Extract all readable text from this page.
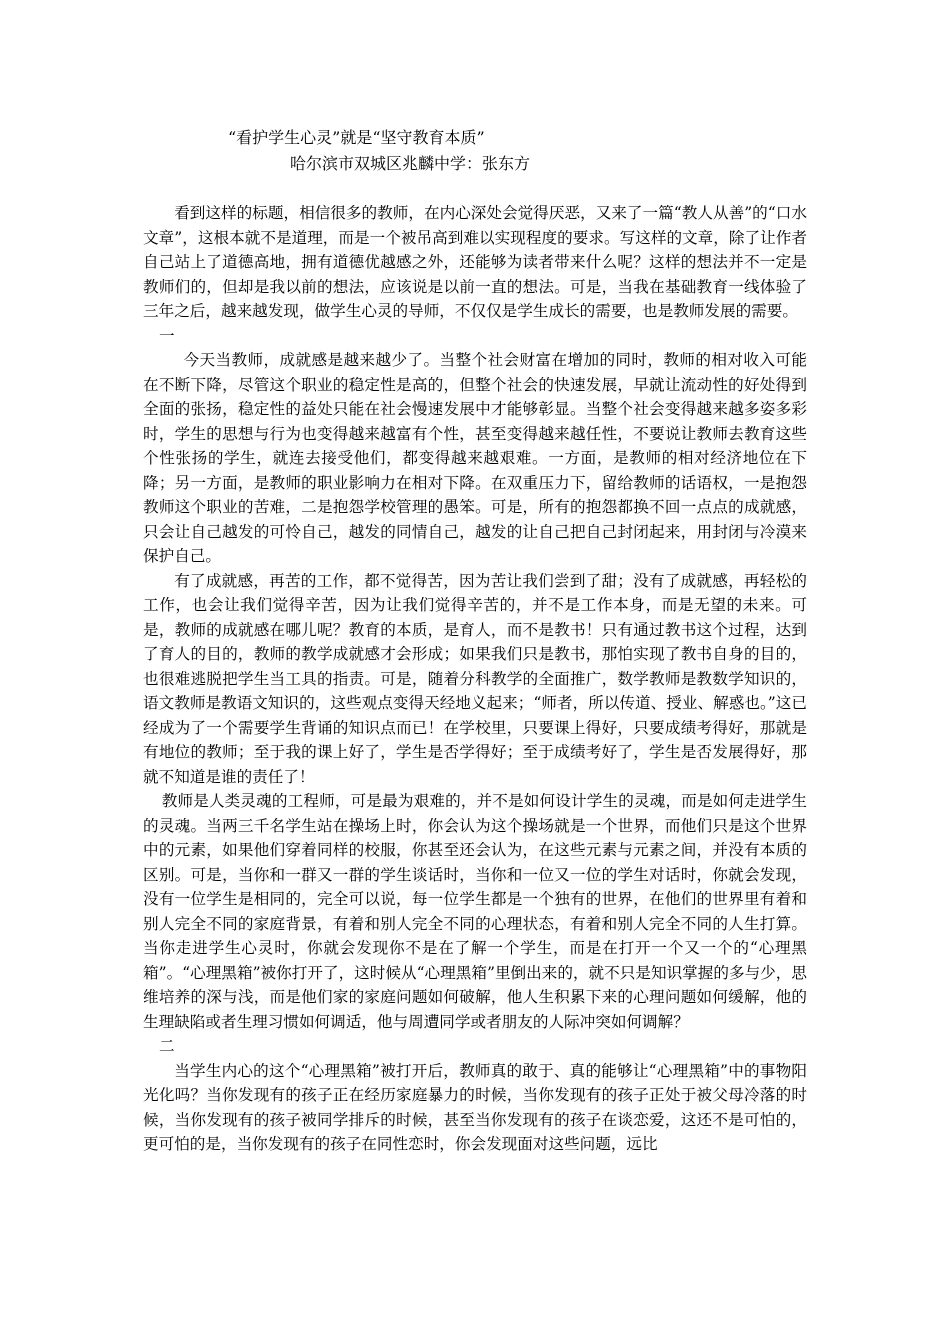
“看护学生心灵”就是“坚守教育本质”
哈尔滨市双城区兆麟中学：张东方

看到这样的标题，相信很多的教师，在内心深处会觉得厌恶，又来了一篇“教人从善”的“口水文章”，这根本就不是道理，而是一个被吊高到难以实现程度的要求。写这样的文章，除了让作者自己站上了道德高地，拥有道德优越感之外，还能够为读者带来什么呢？这样的想法并不一定是教师们的，但却是我以前的想法，应该说是以前一直的想法。可是，当我在基础教育一线体验了三年之后，越来越发现，做学生心灵的导师，不仅仅是学生成长的需要，也是教师发展的需要。

一

今天当教师，成就感是越来越少了。当整个社会财富在增加的同时，教师的相对收入可能在不断下降，尽管这个职业的稳定性是高的，但整个社会的快速发展，早就让流动性的好处得到全面的张扬，稳定性的益处只能在社会慢速发展中才能够彰显。当整个社会变得越来越多姿多彩时，学生的思想与行为也变得越来越富有个性，甚至变得越来越任性，不要说让教师去教育这些个性张扬的学生，就连去接受他们，都变得越来越艰难。一方面，是教师的相对经济地位在下降；另一方面，是教师的职业影响力在相对下降。在双重压力下，留给教师的话语权，一是抱怨教师这个职业的苦难，二是抱怨学校管理的愚笨。可是，所有的抱怨都换不回一点点的成就感，只会让自己越发的可怜自己，越发的同情自己，越发的让自己把自己封闭起来，用封闭与冷漠来保护自己。

有了成就感，再苦的工作，都不觉得苦，因为苦让我们尝到了甜；没有了成就感，再轻松的工作，也会让我们觉得辛苦，因为让我们觉得辛苦的，并不是工作本身，而是无望的未来。可是，教师的成就感在哪儿呢？教育的本质，是育人，而不是教书！只有通过教书这个过程，达到了育人的目的，教师的教学成就感才会形成；如果我们只是教书，那怕实现了教书自身的目的，也很难逃脱把学生当工具的指责。可是，随着分科教学的全面推广，数学教师是教数学知识的，语文教师是教语文知识的，这些观点变得天经地义起来；“师者，所以传道、授业、解惑也。”这已经成为了一个需要学生背诵的知识点而已！在学校里，只要课上得好，只要成绩考得好，那就是有地位的教师；至于我的课上好了，学生是否学得好；至于成绩考好了，学生是否发展得好，那就不知道是谁的责任了！

教师是人类灵魂的工程师，可是最为艰难的，并不是如何设计学生的灵魂，而是如何走进学生的灵魂。当两三千名学生站在操场上时，你会认为这个操场就是一个世界，而他们只是这个世界中的元素，如果他们穿着同样的校服，你甚至还会认为，在这些元素与元素之间，并没有本质的区别。可是，当你和一群又一群的学生谈话时，当你和一位又一位的学生对话时，你就会发现，没有一位学生是相同的，完全可以说，每一位学生都是一个独有的世界，在他们的世界里有着和别人完全不同的家庭背景，有着和别人完全不同的心理状态，有着和别人完全不同的人生打算。当你走进学生心灵时，你就会发现你不是在了解一个学生，而是在打开一个又一个的“心理黑箱”。“心理黑箱”被你打开了，这时候从“心理黑箱”里倒出来的，就不只是知识掌握的多与少，思维培养的深与浅，而是他们家的家庭问题如何破解，他人生积累下来的心理问题如何缓解，他的生理缺陷或者生理习惯如何调适，他与周遭同学或者朋友的人际冲突如何调解？

二

当学生内心的这个“心理黑箱”被打开后，教师真的敢于、真的能够让“心理黑箱”中的事物阳光化吗？当你发现有的孩子正在经历家庭暴力的时候，当你发现有的孩子正处于被父母冷落的时候，当你发现有的孩子被同学排斥的时候，甚至当你发现有的孩子在谈恋爱，这还不是可怕的，更可怕的是，当你发现有的孩子在同性恋时，你会发现面对这些问题，远比
